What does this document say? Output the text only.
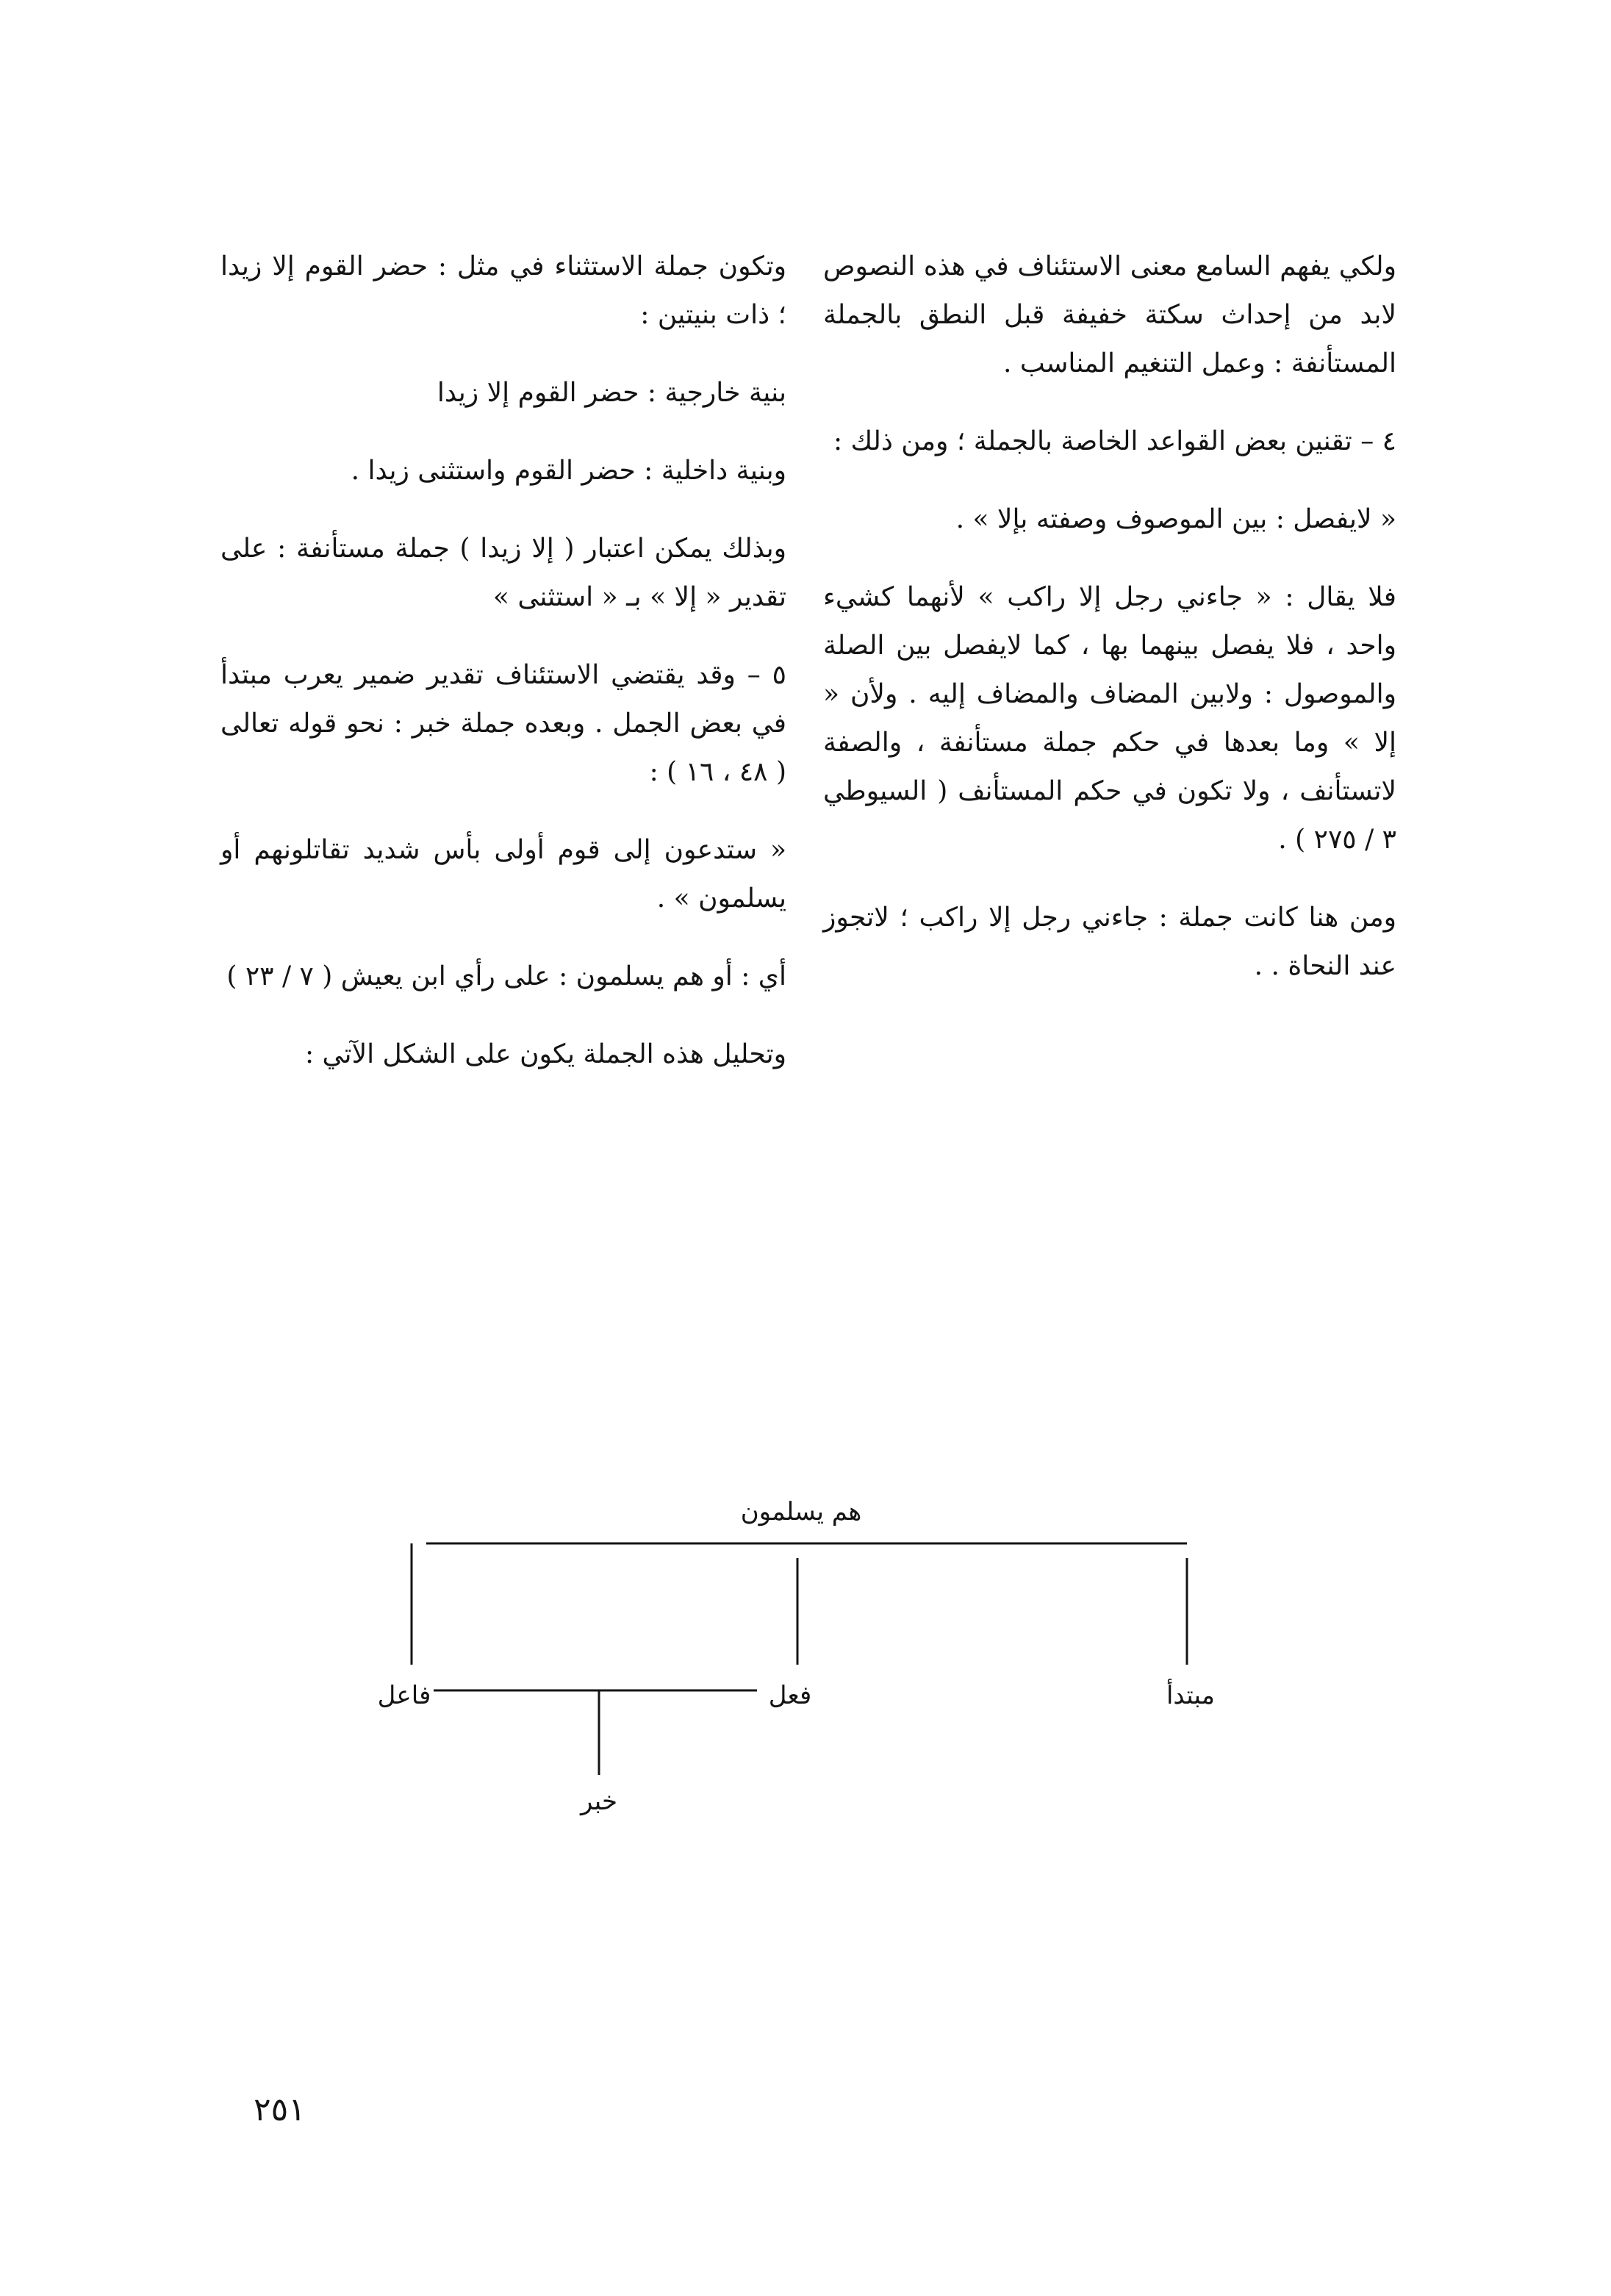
ولكي يفهم السامع معنى الاستئناف في هذه النصوص لابد من إحداث سكتة خفيفة قبل النطق بالجملة المستأنفة : وعمل التنغيم المناسب .

٤ – تقنين بعض القواعد الخاصة بالجملة ؛ ومن ذلك :

« لايفصل : بين الموصوف وصفته بإلا » .

فلا يقال : « جاءني رجل إلا راكب » لأنهما كشيء واحد ، فلا يفصل بينهما بها ، كما لايفصل بين الصلة والموصول : ولابين المضاف والمضاف إليه . ولأن « إلا » وما بعدها في حكم جملة مستأنفة ، والصفة لاتستأنف ، ولا تكون في حكم المستأنف ( السيوطي ٣ / ٢٧٥ ) .

ومن هنا كانت جملة : جاءني رجل إلا راكب ؛ لاتجوز عند النحاة . .

وتكون جملة الاستثناء في مثل : حضر القوم إلا زيدا ؛ ذات بنيتين :

بنية خارجية : حضر القوم إلا زيدا

وبنية داخلية : حضر القوم واستثنى زيدا .

وبذلك يمكن اعتبار ( إلا زيدا ) جملة مستأنفة : على تقدير « إلا » بـ « استثنى »

٥ – وقد يقتضي الاستئناف تقدير ضمير يعرب مبتدأ في بعض الجمل . وبعده جملة خبر : نحو قوله تعالى ( ٤٨ ، ١٦ ) :

« ستدعون إلى قوم أولى بأس شديد تقاتلونهم أو يسلمون » .

أي : أو هم يسلمون : على رأي ابن يعيش ( ٧ / ٢٣ )

وتحليل هذه الجملة يكون على الشكل الآتي :

هم يسلمون
مبتدأ
فعل
فاعل
خبر
٢٥١
